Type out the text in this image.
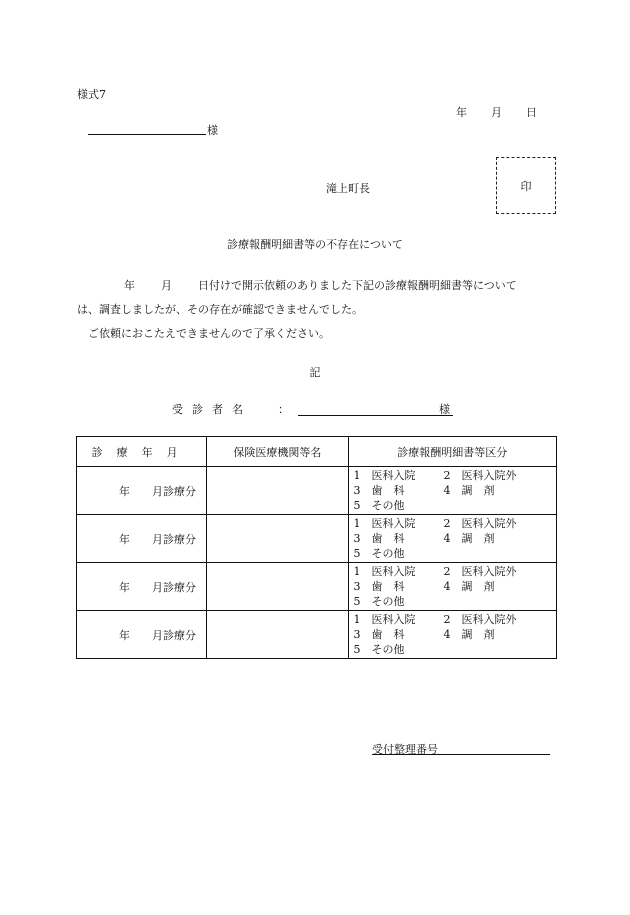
様式7
年 月 日
様
滝上町長	印
診療報酬明細書等の不存在について
年 月 日付けで開示依頼のありました下記の診療報酬明細書等について
は、調査しましたが、その存在が確認できませんでした。
ご依頼におこたえできませんので了承ください。
記
受診者名 ：	様
診療年月	保険医療機関等名	診療報酬明細書等区分
年 月診療分		1　医科入院 2　医科入院外
3　歯　科 4　調　剤
5　その他

年 月診療分		1　医科入院 2　医科入院外
3　歯　科 4　調　剤
5　その他

年 月診療分		1　医科入院 2　医科入院外
3　歯　科 4　調　剤
5　その他

年 月診療分		1　医科入院 2　医科入院外
3　歯　科 4　調　剤
5　その他
受付整理番号
